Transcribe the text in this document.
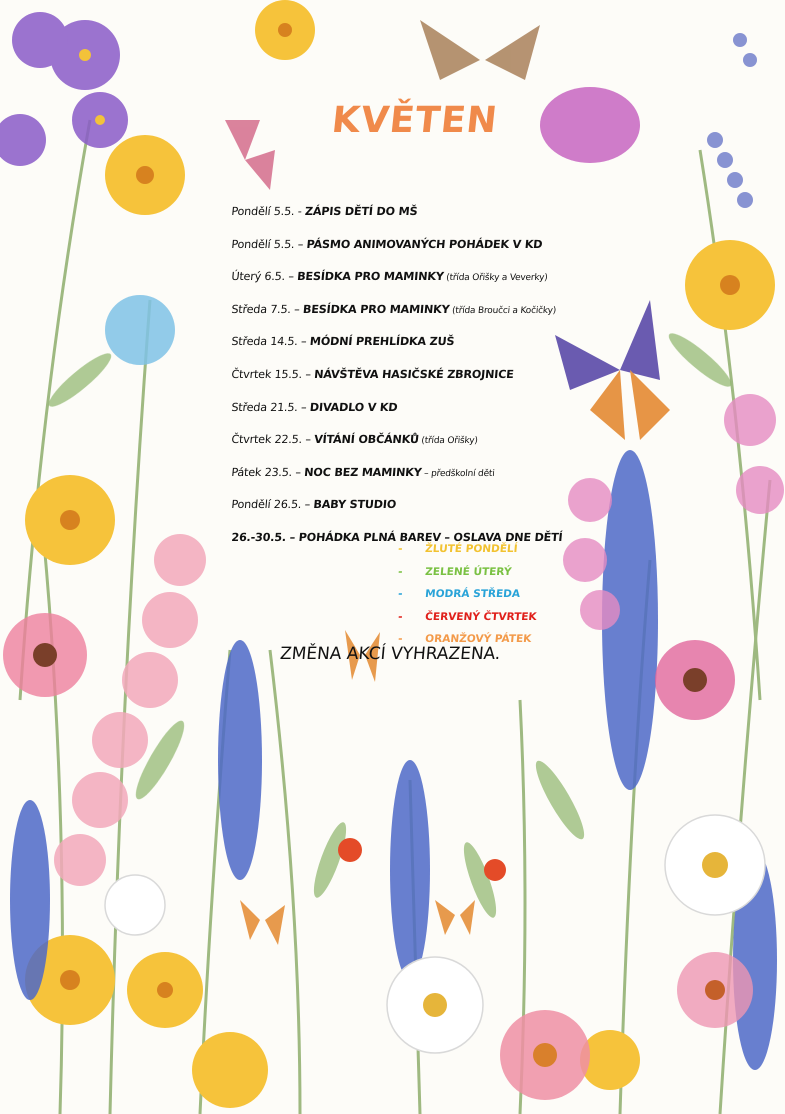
KVĚTEN
Pondělí 5.5. - ZÁPIS DĚTÍ DO MŠ
Pondělí 5.5. – PÁSMO ANIMOVANÝCH POHÁDEK V KD
Úterý 6.5. – BESÍDKA PRO MAMINKY (třída Ořišky a Veverky)
Středa 7.5. – BESÍDKA PRO MAMINKY (třída Broučci a Kočičky)
Středa 14.5. – MÓDNÍ PREHLÍDKA ZUŠ
Čtvrtek 15.5. – NÁVŠTĚVA HASIČSKÉ ZBROJNICE
Středa 21.5. – DIVADLO V KD
Čtvrtek 22.5. – VÍTÁNÍ OBČÁNKŮ (třída Ořišky)
Pátek 23.5. – NOC BEZ MAMINKY – předškolní děti
Pondělí 26.5. – BABY STUDIO
26.-30.5. – POHÁDKA PLNÁ BAREV – OSLAVA DNE DĚTÍ
- ŽLUTÉ PONDĚLÍ
- ZELENÉ ÚTERÝ
- MODRÁ STŘEDA
- ČERVENÝ ČTVRTEK
- ORANŽOVÝ PÁTEK
ZMĚNA AKCÍ VYHRAZENA.
